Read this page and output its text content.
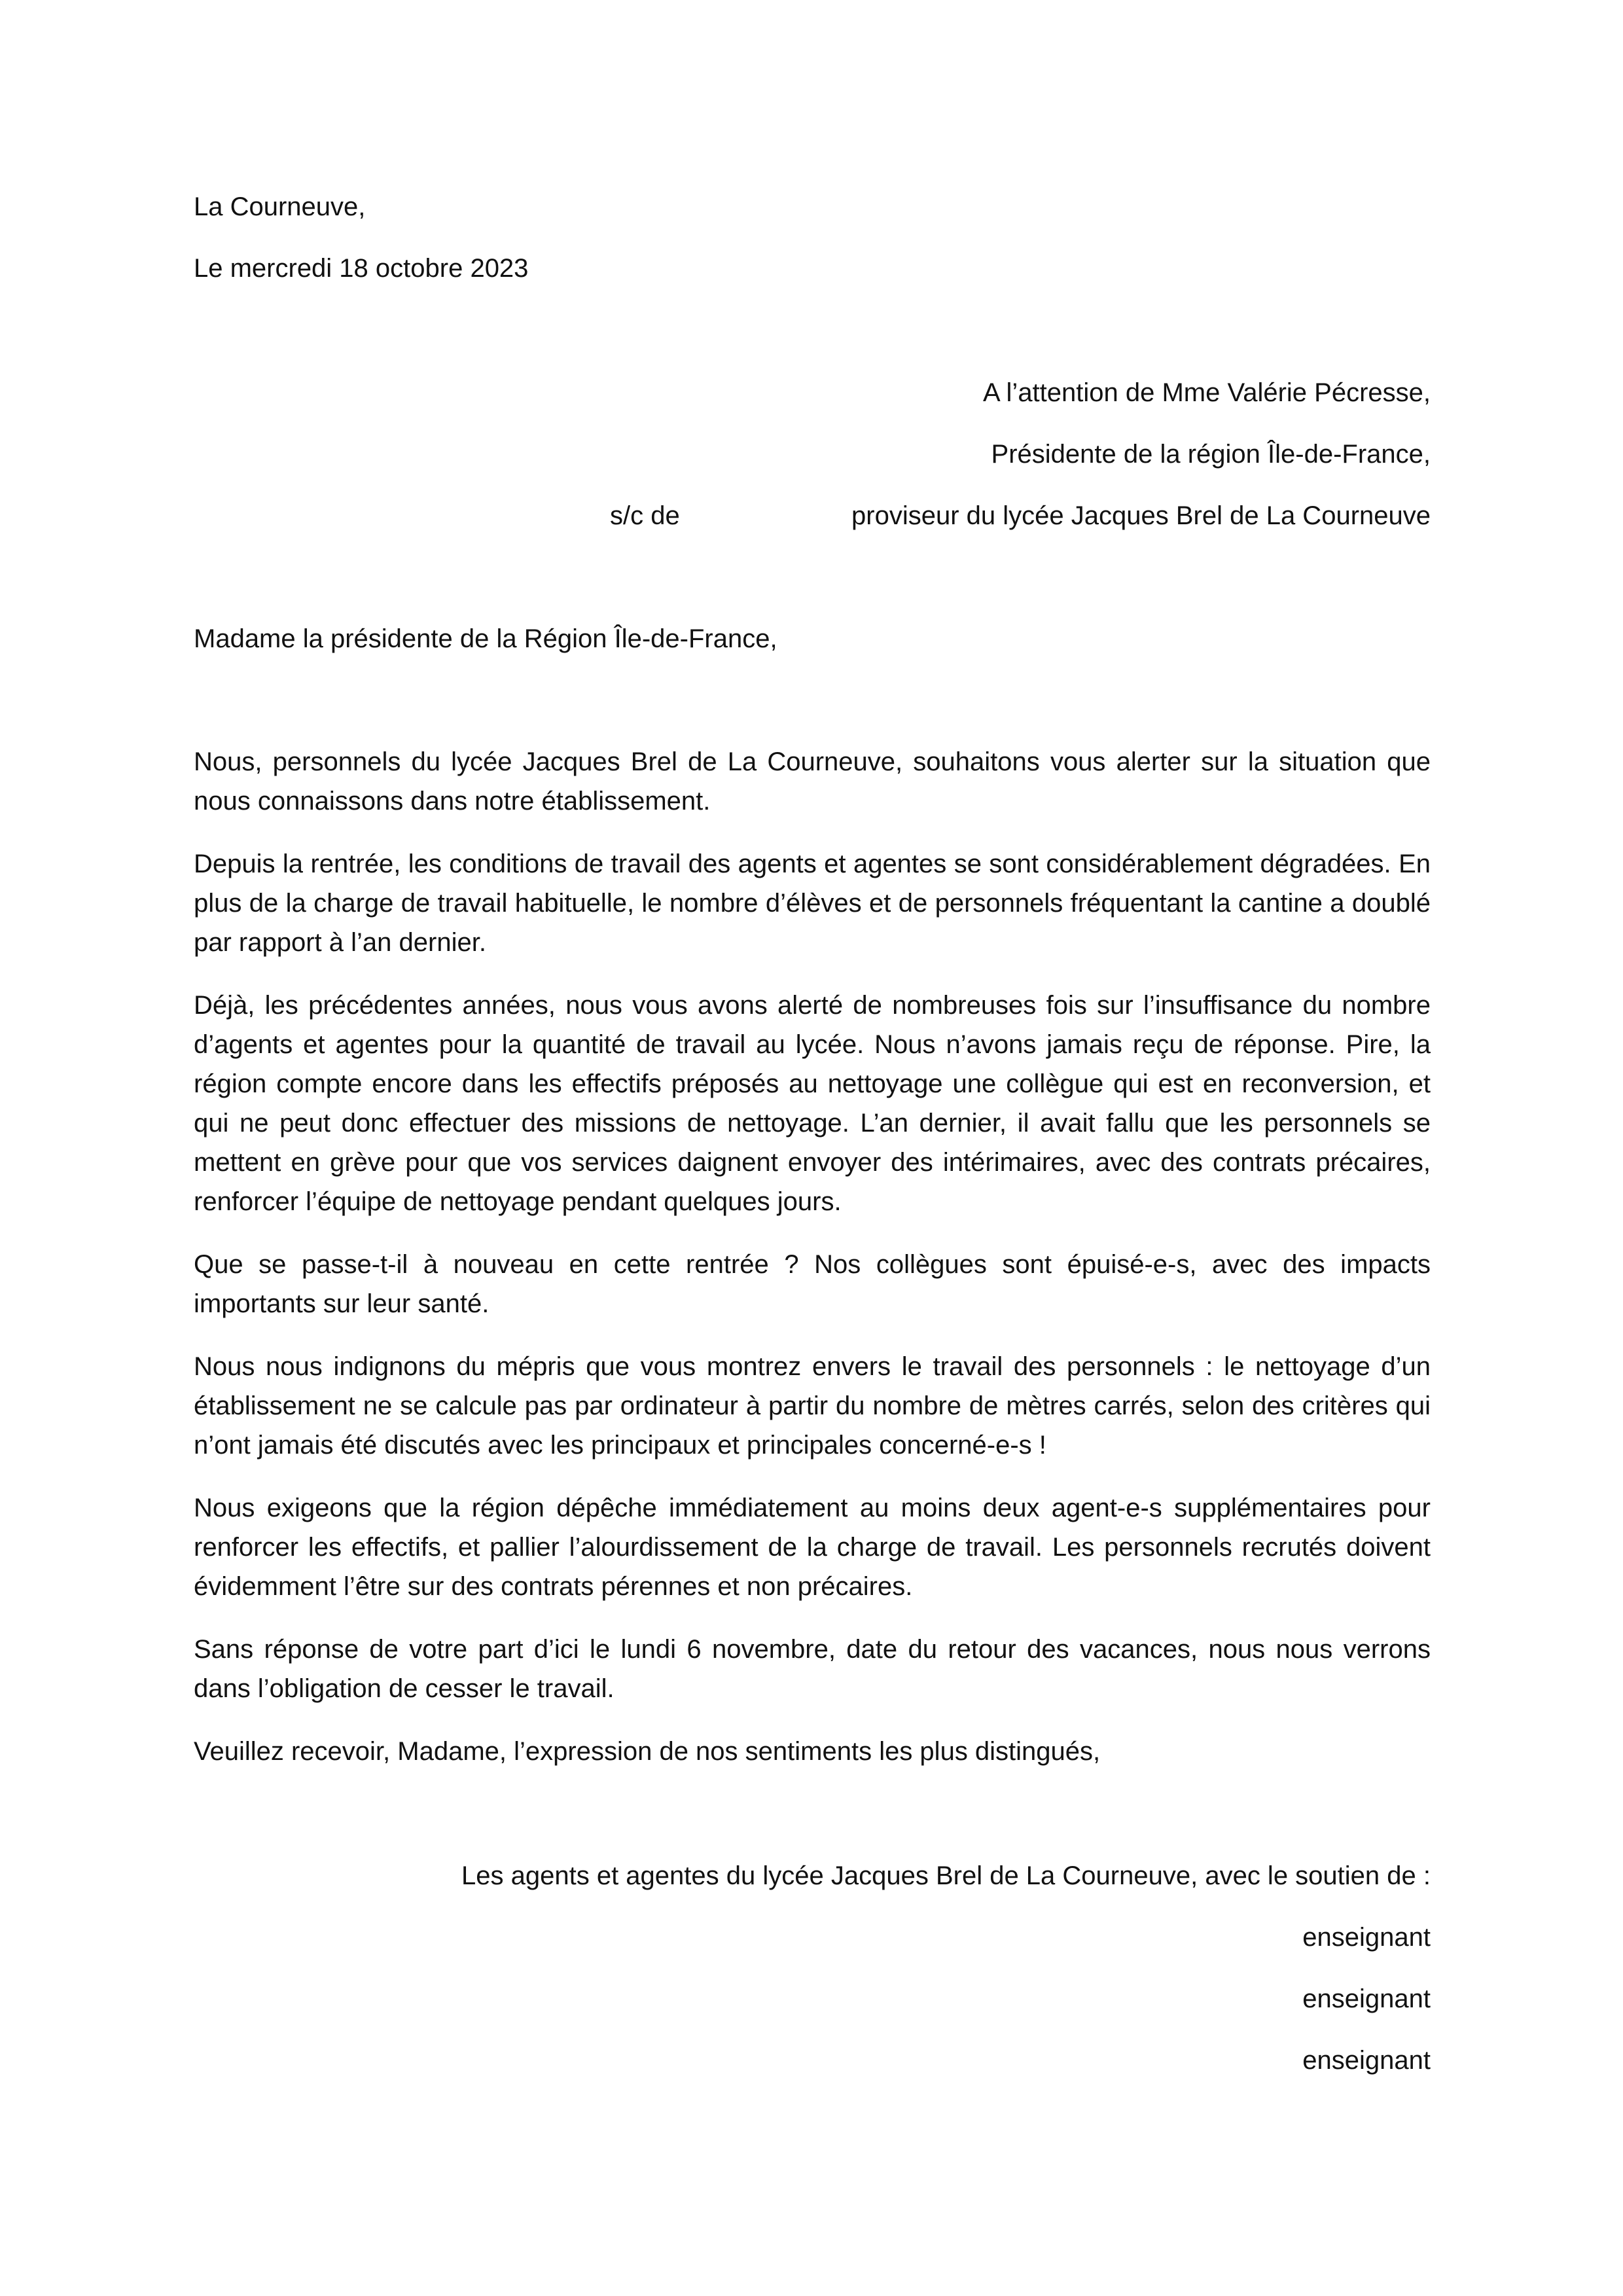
La Courneuve,
Le mercredi 18 octobre 2023
A l’attention de Mme Valérie Pécresse,
Présidente de la région Île-de-France,
s/c de	proviseur du lycée Jacques Brel de La Courneuve
Madame la présidente de la Région Île-de-France,
Nous, personnels du lycée Jacques Brel de La Courneuve, souhaitons vous alerter sur la situation que nous connaissons dans notre établissement.
Depuis la rentrée, les conditions de travail des agents et agentes se sont considérablement dégradées. En plus de la charge de travail habituelle, le nombre d’élèves et de personnels fréquentant la cantine a doublé par rapport à l’an dernier.
Déjà, les précédentes années, nous vous avons alerté de nombreuses fois sur l’insuffisance du nombre d’agents et agentes pour la quantité de travail au lycée. Nous n’avons jamais reçu de réponse. Pire, la région compte encore dans les effectifs préposés au nettoyage une collègue qui est en reconversion, et qui ne peut donc effectuer des missions de nettoyage. L’an dernier, il avait fallu que les personnels se mettent en grève pour que vos services daignent envoyer des intérimaires, avec des contrats précaires, renforcer l’équipe de nettoyage pendant quelques jours.
Que se passe-t-il à nouveau en cette rentrée ? Nos collègues sont épuisé-e-s, avec des impacts importants sur leur santé.
Nous nous indignons du mépris que vous montrez envers le travail des personnels : le nettoyage d’un établissement ne se calcule pas par ordinateur à partir du nombre de mètres carrés, selon des critères qui n’ont jamais été discutés avec les principaux et principales concerné-e-s !
Nous exigeons que la région dépêche immédiatement au moins deux agent-e-s supplémentaires pour renforcer les effectifs, et pallier l’alourdissement de la charge de travail. Les personnels recrutés doivent évidemment l’être sur des contrats pérennes et non précaires.
Sans réponse de votre part d’ici le lundi 6 novembre, date du retour des vacances, nous nous verrons dans l’obligation de cesser le travail.
Veuillez recevoir, Madame, l’expression de nos sentiments les plus distingués,
Les agents et agentes du lycée Jacques Brel de La Courneuve, avec le soutien de :
enseignant
enseignant
enseignant
